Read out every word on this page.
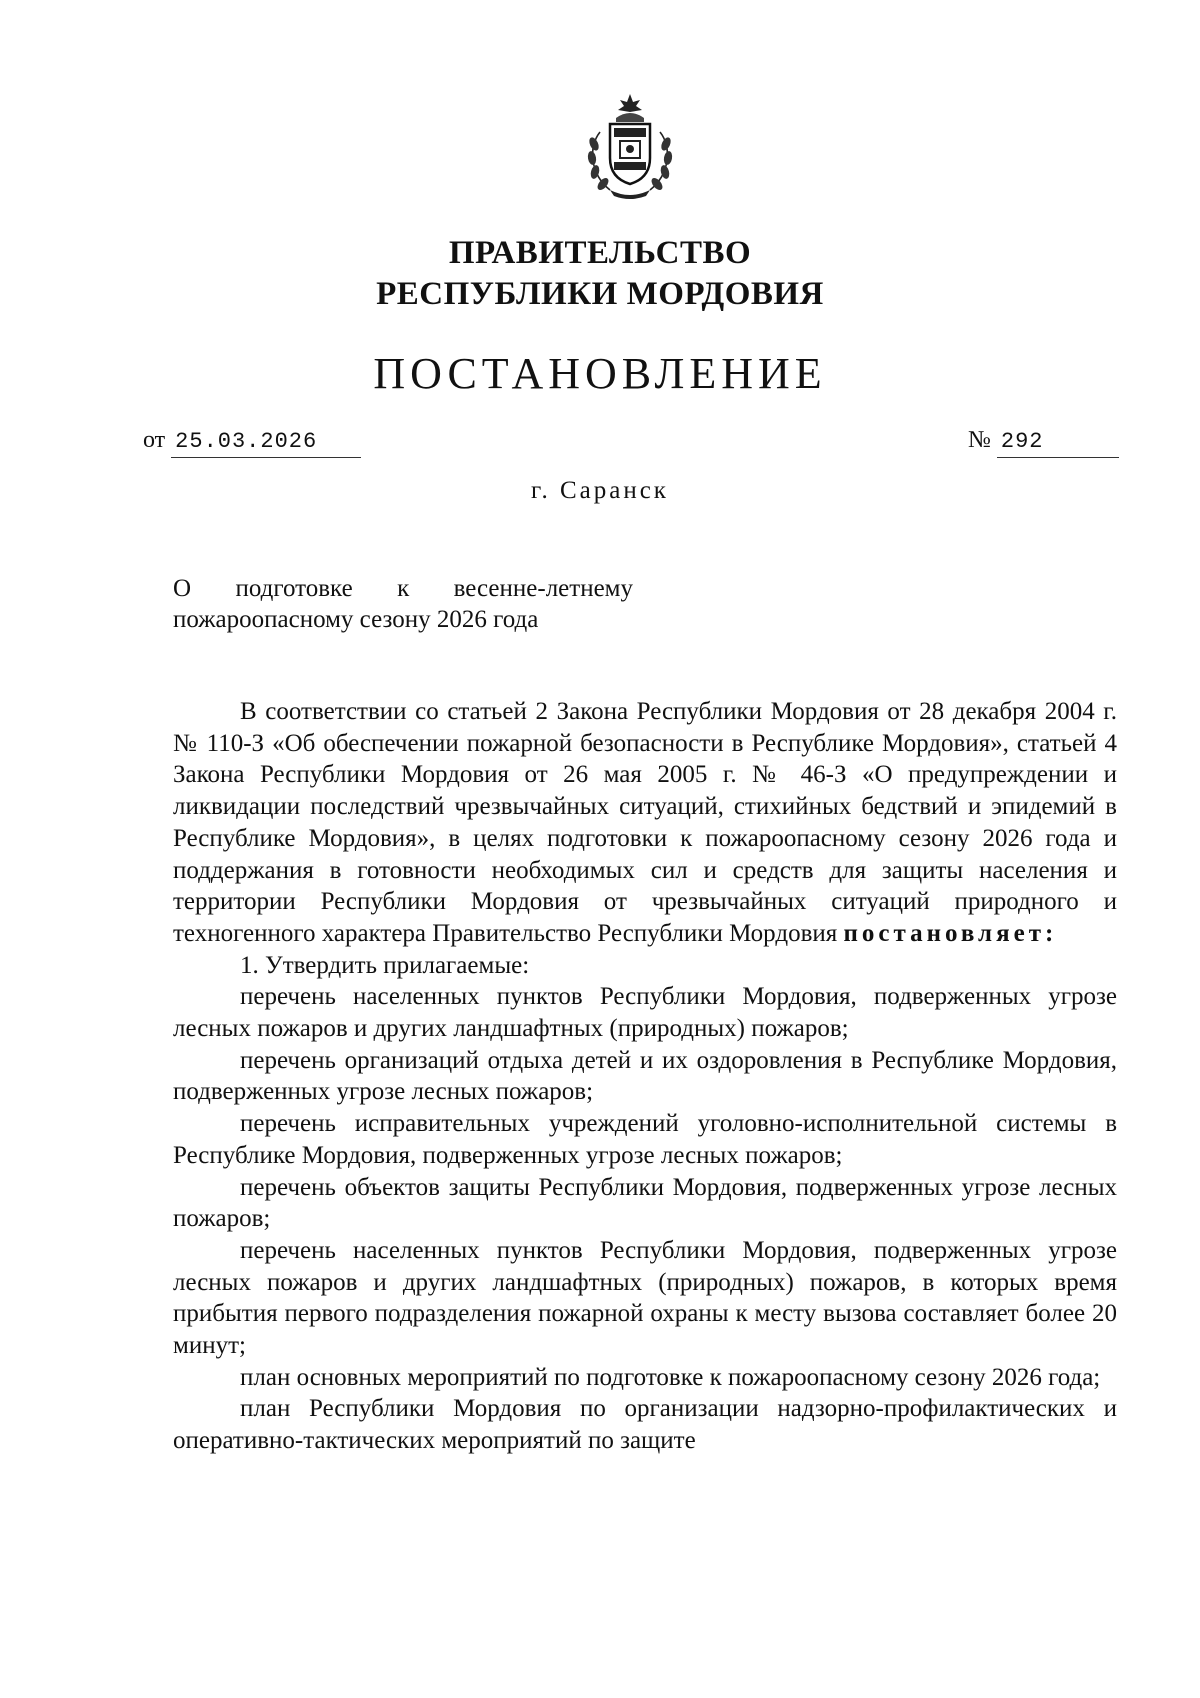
ПРАВИТЕЛЬСТВО
РЕСПУБЛИКИ МОРДОВИЯ
ПОСТАНОВЛЕНИЕ
от 25.03.2026	№ 292
г. Саранск
О подготовке к весенне-летнему
пожароопасному сезону 2026 года

В соответствии со статьей 2 Закона Республики Мордовия от 28 декабря 2004 г. № 110-З «Об обеспечении пожарной безопасности в Республике Мордовия», статьей 4 Закона Республики Мордовия от 26 мая 2005 г. № 46-З «О предупреждении и ликвидации последствий чрезвычайных ситуаций, стихийных бедствий и эпидемий в Республике Мордовия», в целях подготовки к пожароопасному сезону 2026 года и поддержания в готовности необходимых сил и средств для защиты населения и территории Республики Мордовия от чрезвычайных ситуаций природного и техногенного характера Правительство Республики Мордовия постановляет:

1. Утвердить прилагаемые:

перечень населенных пунктов Республики Мордовия, подверженных угрозе лесных пожаров и других ландшафтных (природных) пожаров;

перечень организаций отдыха детей и их оздоровления в Республике Мордовия, подверженных угрозе лесных пожаров;

перечень исправительных учреждений уголовно-исполнительной системы в Республике Мордовия, подверженных угрозе лесных пожаров;

перечень объектов защиты Республики Мордовия, подверженных угрозе лесных пожаров;

перечень населенных пунктов Республики Мордовия, подверженных угрозе лесных пожаров и других ландшафтных (природных) пожаров, в которых время прибытия первого подразделения пожарной охраны к месту вызова составляет более 20 минут;

план основных мероприятий по подготовке к пожароопасному сезону 2026 года;

план Республики Мордовия по организации надзорно-профилактических и оперативно-тактических мероприятий по защите
